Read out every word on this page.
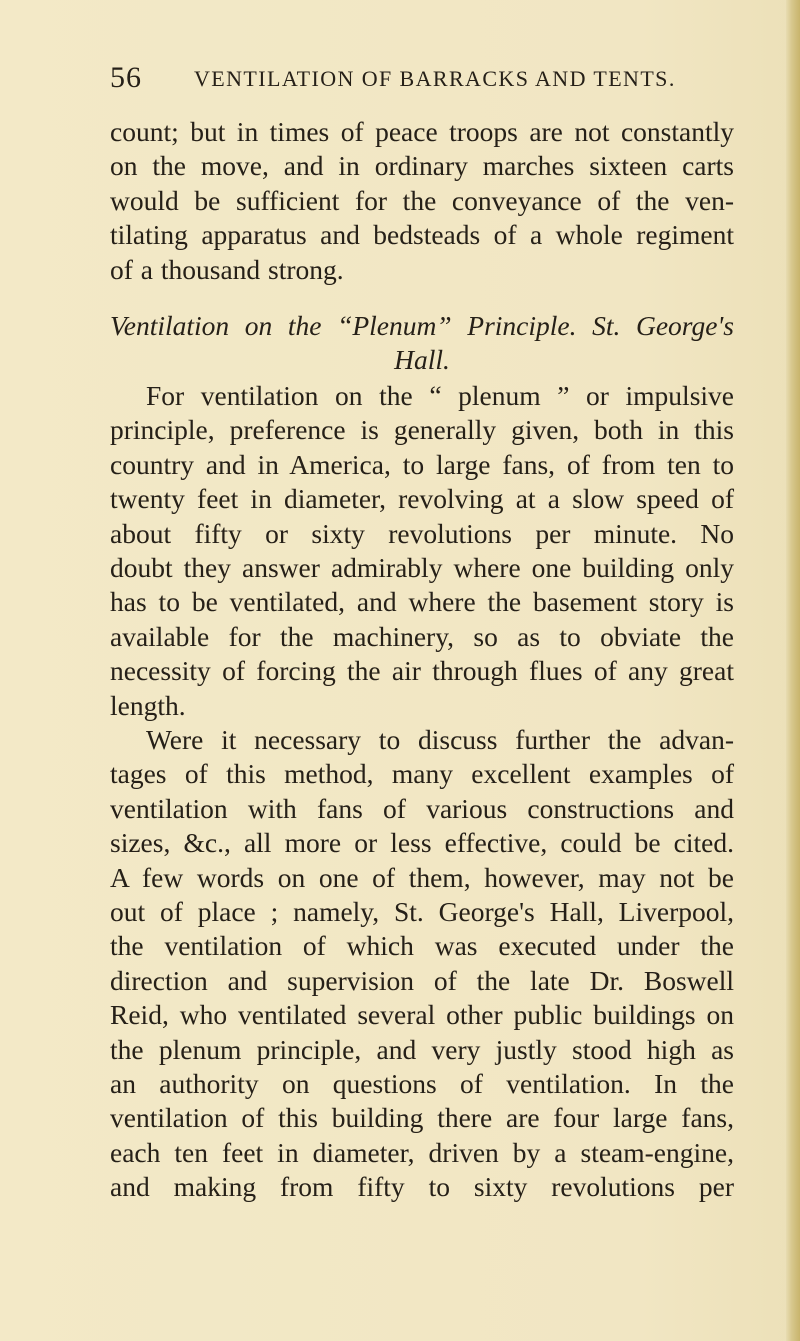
56 VENTILATION OF BARRACKS AND TENTS.
count; but in times of peace troops are not constantly
on the move, and in ordinary marches sixteen carts
would be sufficient for the conveyance of the ven-
tilating apparatus and bedsteads of a whole regiment
of a thousand strong.
Ventilation on the “Plenum” Principle. St. George's
Hall.
For ventilation on the “ plenum ” or impulsive
principle, preference is generally given, both in this
country and in America, to large fans, of from ten to
twenty feet in diameter, revolving at a slow speed of
about fifty or sixty revolutions per minute. No
doubt they answer admirably where one building only
has to be ventilated, and where the basement story is
available for the machinery, so as to obviate the
necessity of forcing the air through flues of any great
length.
Were it necessary to discuss further the advan-
tages of this method, many excellent examples of
ventilation with fans of various constructions and
sizes, &c., all more or less effective, could be cited.
A few words on one of them, however, may not be
out of place ; namely, St. George's Hall, Liverpool,
the ventilation of which was executed under the
direction and supervision of the late Dr. Boswell
Reid, who ventilated several other public buildings on
the plenum principle, and very justly stood high as
an authority on questions of ventilation. In the
ventilation of this building there are four large fans,
each ten feet in diameter, driven by a steam-engine,
and making from fifty to sixty revolutions per
